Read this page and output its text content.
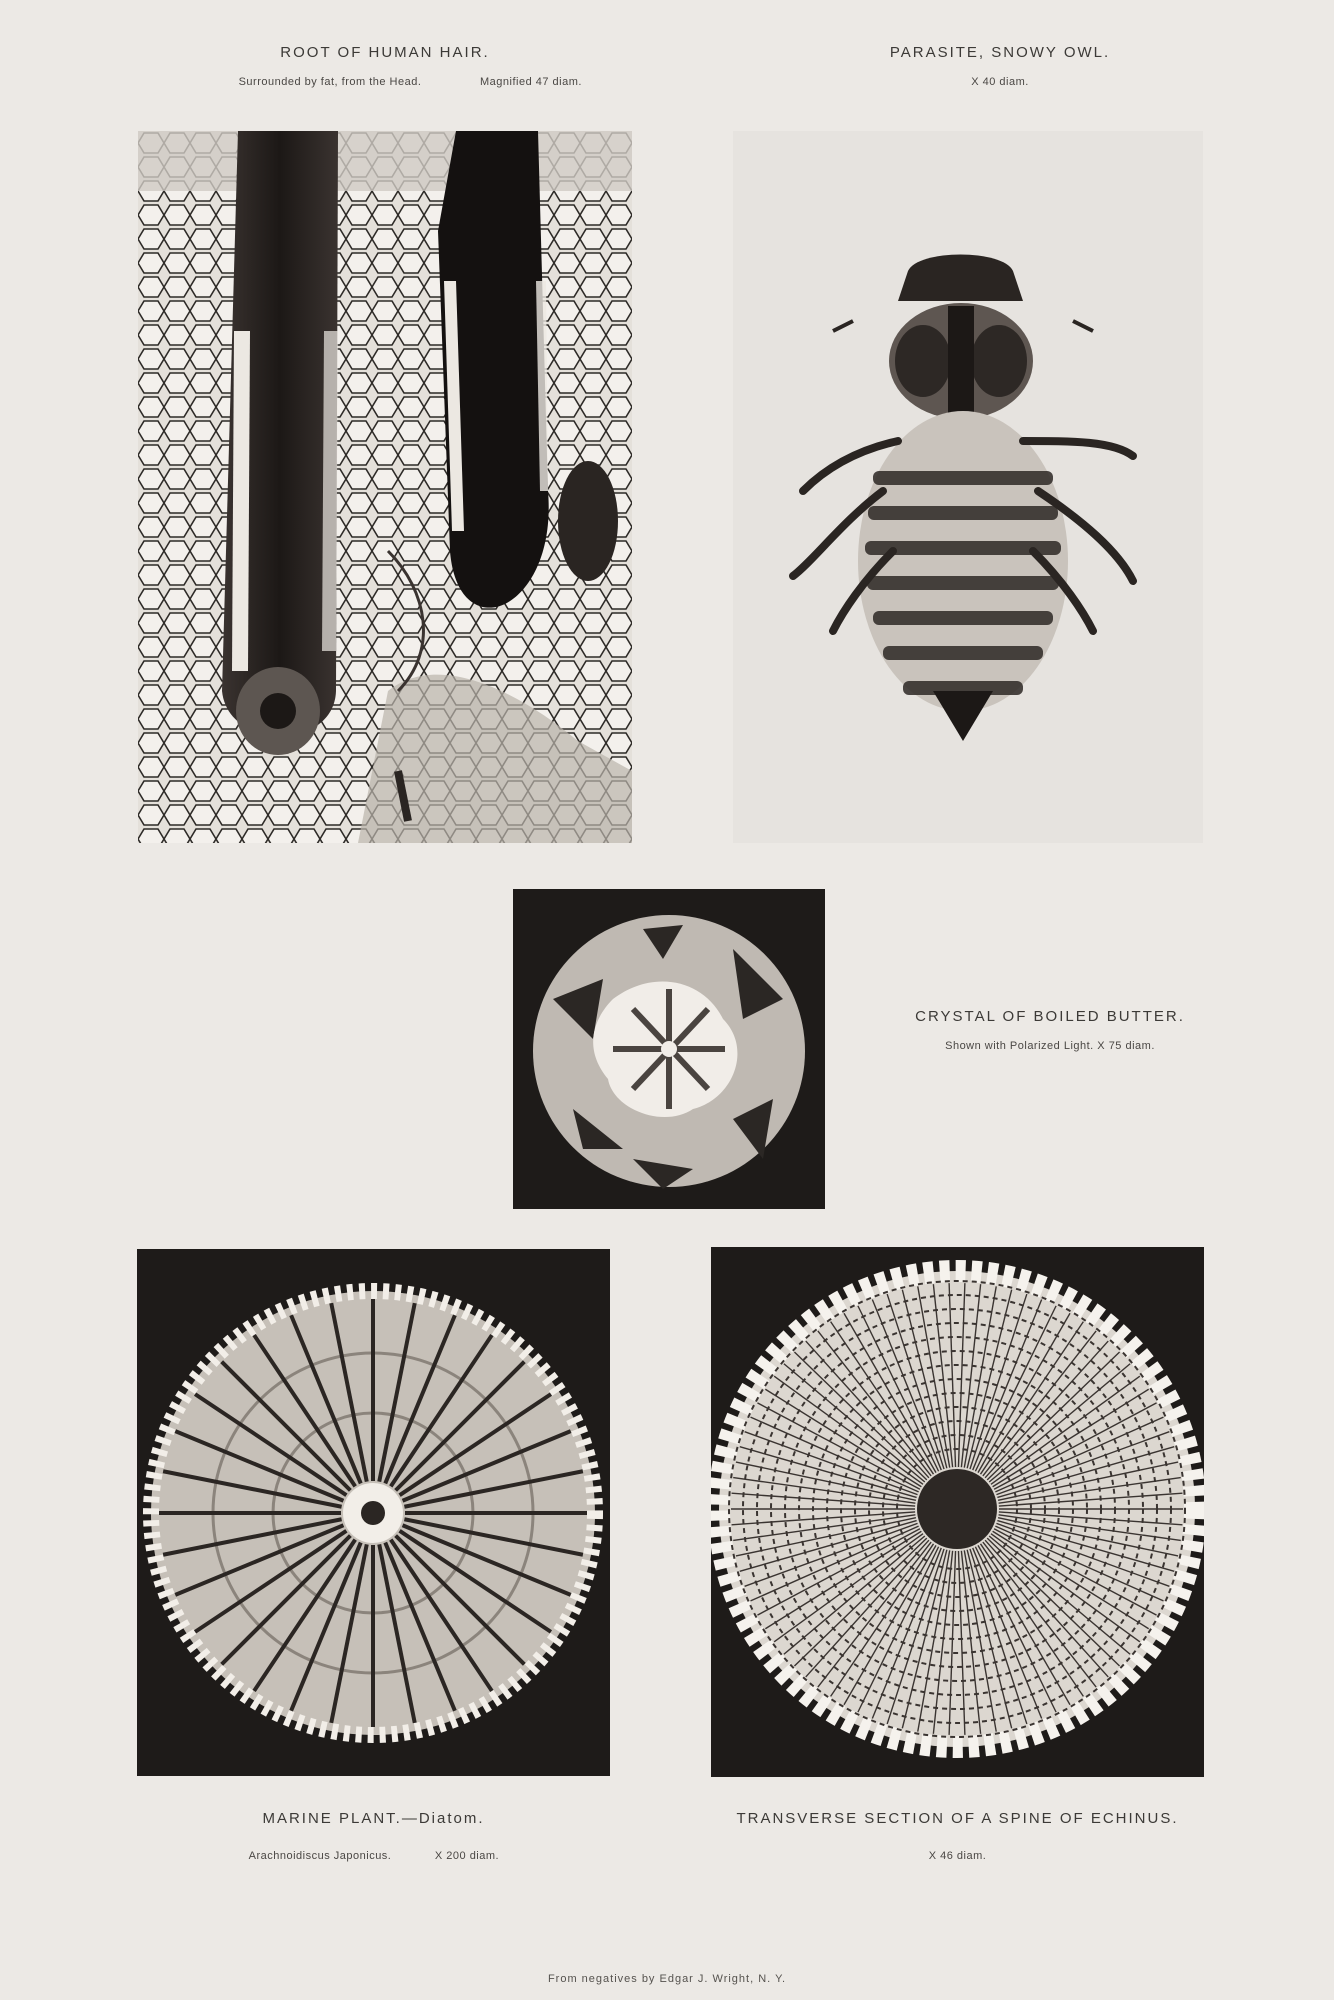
ROOT OF HUMAN HAIR.
Surrounded by fat, from the Head.	Magnified 47 diam.
PARASITE, SNOWY OWL.
X 40 diam.
CRYSTAL OF BOILED BUTTER.
Shown with Polarized Light. X 75 diam.
MARINE PLANT.—Diatom.
Arachnoidiscus Japonicus.	X 200 diam.
TRANSVERSE SECTION OF A SPINE OF ECHINUS.
X 46 diam.
From negatives by Edgar J. Wright, N. Y.
